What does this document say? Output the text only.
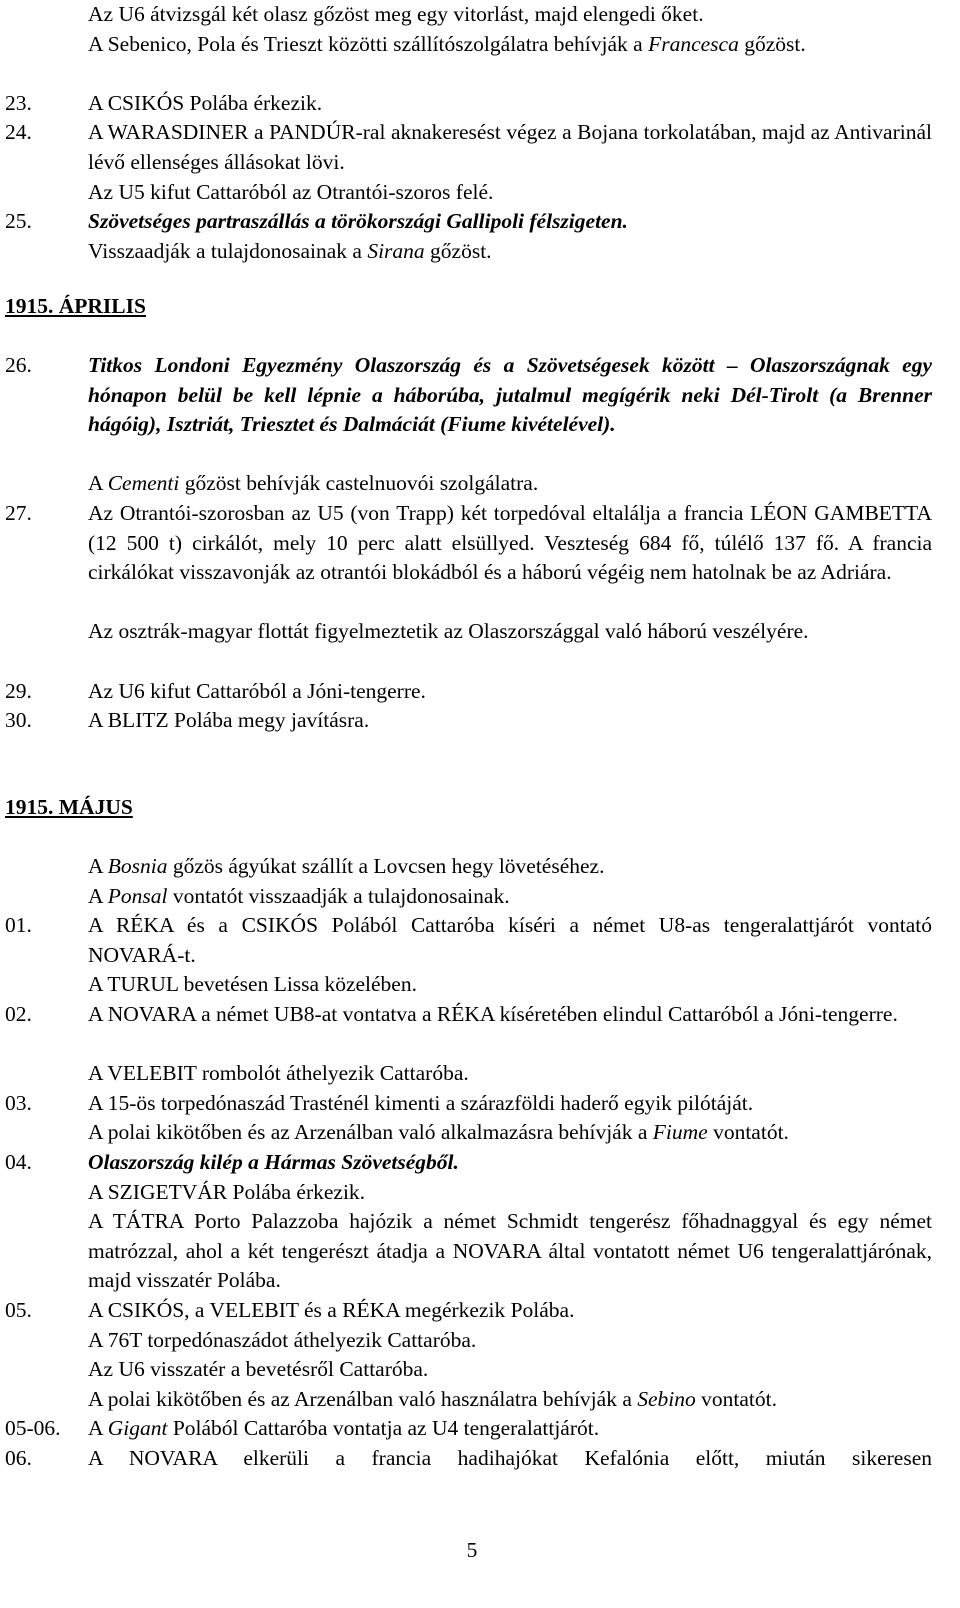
Az U6 átvizsgál két olasz gőzöst meg egy vitorlást, majd elengedi őket.
A Sebenico, Pola és Trieszt közötti szállítószolgálatra behívják a Francesca gőzöst.
23.	A CSIKÓS Polába érkezik.
24.	A WARASDINER a PANDÚR-ral aknakeresést végez a Bojana torkolatában, majd az Antivarinál lévő ellenséges állásokat lövi.
Az U5 kifut Cattaróból az Otrantói-szoros felé.
25.	Szövetséges partraszállás a törökországi Gallipoli félszigeten.
Visszaadják a tulajdonosainak a Sirana gőzöst.
1915. ÁPRILIS
26.	Titkos Londoni Egyezmény Olaszország és a Szövetségesek között – Olaszországnak egy hónapon belül be kell lépnie a háborúba, jutalmul megígérik neki Dél-Tirolt (a Brenner hágóig), Isztriát, Triesztet és Dalmáciát (Fiume kivételével).
A Cementi gőzöst behívják castelnuovói szolgálatra.
27.	Az Otrantói-szorosban az U5 (von Trapp) két torpedóval eltalálja a francia LÉON GAMBETTA (12 500 t) cirkálót, mely 10 perc alatt elsüllyed. Veszteség 684 fő, túlélő 137 fő. A francia cirkálókat visszavonják az otrantói blokádból és a háború végéig nem hatolnak be az Adriára.
Az osztrák-magyar flottát figyelmeztetik az Olaszországgal való háború veszélyére.
29.	Az U6 kifut Cattaróból a Jóni-tengerre.
30.	A BLITZ Polába megy javításra.
1915. MÁJUS
A Bosnia gőzös ágyúkat szállít a Lovcsen hegy lövetéséhez.
A Ponsal vontatót visszaadják a tulajdonosainak.
01.	A RÉKA és a CSIKÓS Polából Cattaróba kíséri a német U8-as tengeralattjárót vontató NOVARÁ-t.
A TURUL bevetésen Lissa közelében.
02.	A NOVARA a német UB8-at vontatva a RÉKA kíséretében elindul Cattaróból a Jóni-tengerre.
A VELEBIT rombolót áthelyezik Cattaróba.
03.	A 15-ös torpedónaszád Trasténél kimenti a szárazföldi haderő egyik pilótáját.
A polai kikötőben és az Arzenálban való alkalmazásra behívják a Fiume vontatót.
04.	Olaszország kilép a Hármas Szövetségből.
A SZIGETVÁR Polába érkezik.
A TÁTRA Porto Palazzoba hajózik a német Schmidt tengerész főhadnaggyal és egy német matrózzal, ahol a két tengerészt átadja a NOVARA által vontatott német U6 tengeralattjárónak, majd visszatér Polába.
05.	A CSIKÓS, a VELEBIT és a RÉKA megérkezik Polába.
A 76T torpedónaszádot áthelyezik Cattaróba.
Az U6 visszatér a bevetésről Cattaróba.
A polai kikötőben és az Arzenálban való használatra behívják a Sebino vontatót.
05-06. A Gigant Polából Cattaróba vontatja az U4 tengeralattjárót.
06.	A NOVARA elkerüli a francia hadihajókat Kefalónia előtt, miután sikeresen
5
